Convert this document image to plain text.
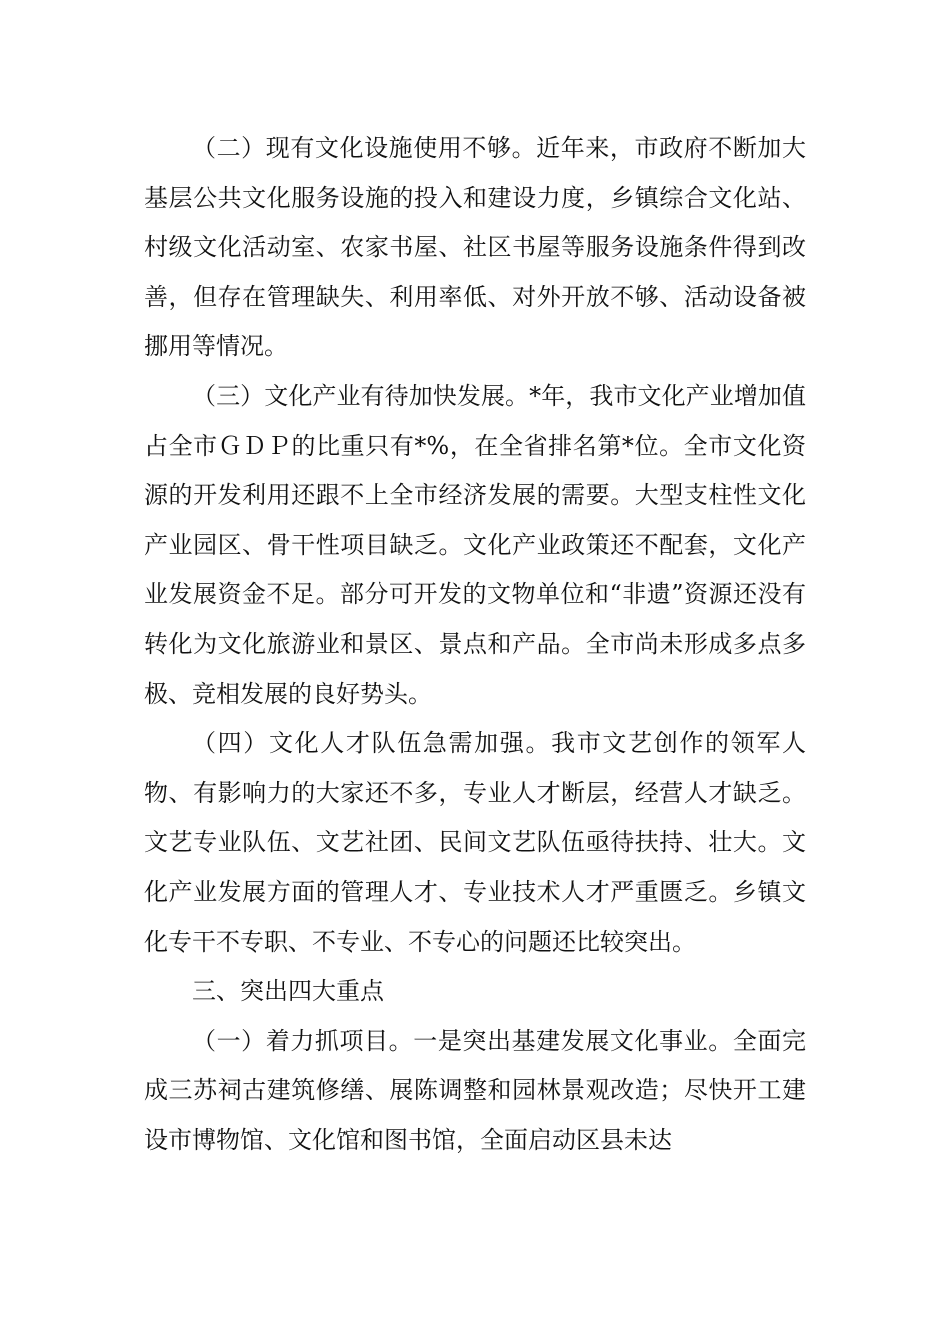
（二）现有文化设施使用不够。近年来，市政府不断加大基层公共文化服务设施的投入和建设力度，乡镇综合文化站、村级文化活动室、农家书屋、社区书屋等服务设施条件得到改善，但存在管理缺失、利用率低、对外开放不够、活动设备被挪用等情况。

（三）文化产业有待加快发展。*年，我市文化产业增加值占全市ＧＤＰ的比重只有*%，在全省排名第*位。全市文化资源的开发利用还跟不上全市经济发展的需要。大型支柱性文化产业园区、骨干性项目缺乏。文化产业政策还不配套，文化产业发展资金不足。部分可开发的文物单位和“非遗”资源还没有转化为文化旅游业和景区、景点和产品。全市尚未形成多点多极、竞相发展的良好势头。

（四）文化人才队伍急需加强。我市文艺创作的领军人物、有影响力的大家还不多，专业人才断层，经营人才缺乏。文艺专业队伍、文艺社团、民间文艺队伍亟待扶持、壮大。文化产业发展方面的管理人才、专业技术人才严重匮乏。乡镇文化专干不专职、不专业、不专心的问题还比较突出。

三、突出四大重点

（一）着力抓项目。一是突出基建发展文化事业。全面完成三苏祠古建筑修缮、展陈调整和园林景观改造；尽快开工建设市博物馆、文化馆和图书馆，全面启动区县未达
